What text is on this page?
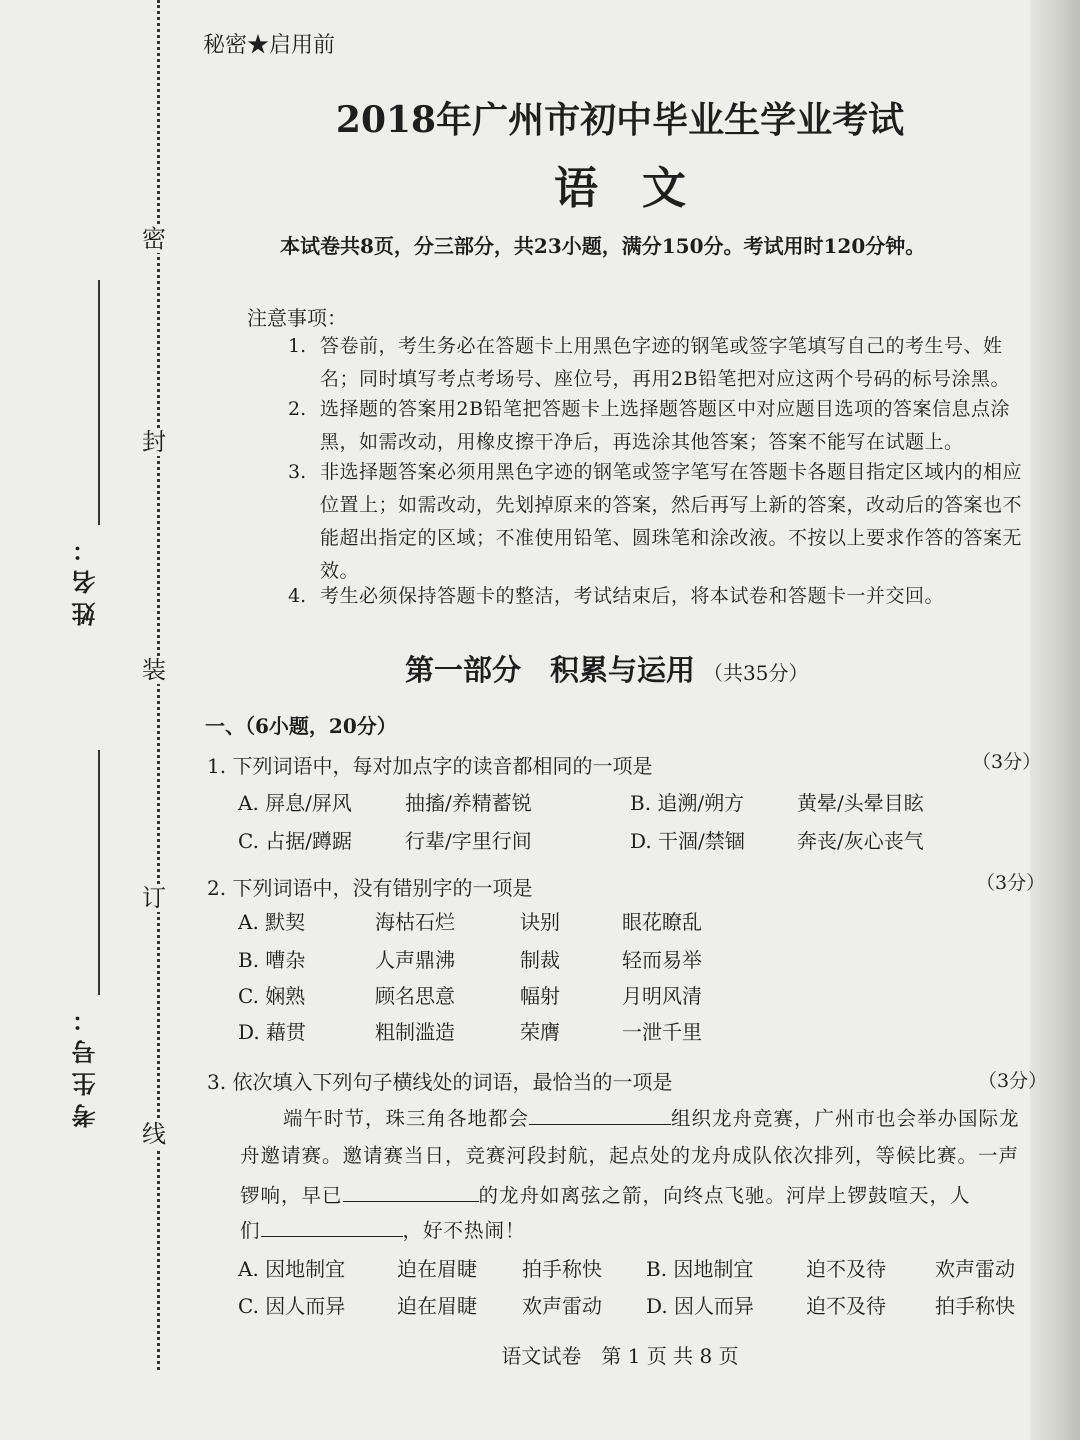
密
封
装
订
线
姓名：
考生号：
秘密★启用前
2018年广州市初中毕业生学业考试
语　文
本试卷共8页，分三部分，共23小题，满分150分。考试用时120分钟。
注意事项：
1. 答卷前，考生务必在答题卡上用黑色字迹的钢笔或签字笔填写自己的考生号、姓名；同时填写考点考场号、座位号，再用2B铅笔把对应这两个号码的标号涂黑。
2. 选择题的答案用2B铅笔把答题卡上选择题答题区中对应题目选项的答案信息点涂黑，如需改动，用橡皮擦干净后，再选涂其他答案；答案不能写在试题上。
3. 非选择题答案必须用黑色字迹的钢笔或签字笔写在答题卡各题目指定区域内的相应位置上；如需改动，先划掉原来的答案，然后再写上新的答案，改动后的答案也不能超出指定的区域；不准使用铅笔、圆珠笔和涂改液。不按以上要求作答的答案无效。
4. 考生必须保持答题卡的整洁，考试结束后，将本试卷和答题卡一并交回。
第一部分　积累与运用 （共35分）
一、（6小题，20分）
1. 下列词语中，每对加点字的读音都相同的一项是	（3分）
A. 屏息/屏风	抽搐/养精蓄锐	B. 追溯/朔方	黄晕/头晕目眩
C. 占据/蹲踞	行辈/字里行间	D. 干涸/禁锢	奔丧/灰心丧气
2. 下列词语中，没有错别字的一项是	（3分）
A. 默契	海枯石烂	诀别	眼花瞭乱
B. 嘈杂	人声鼎沸	制裁	轻而易举
C. 娴熟	顾名思意	幅射	月明风清
D. 藉贯	粗制滥造	荣膺	一泄千里
3. 依次填入下列句子横线处的词语，最恰当的一项是	（3分）
端午时节，珠三角各地都会	组织龙舟竞赛，广州市也会举办国际龙
舟邀请赛。邀请赛当日，竞赛河段封航，起点处的龙舟成队依次排列，等候比赛。一声
锣响，早已	的龙舟如离弦之箭，向终点飞驰。河岸上锣鼓喧天，人
们	，好不热闹！
A. 因地制宜	迫在眉睫 拍手称快 B. 因地制宜	迫不及待 欢声雷动
C. 因人而异	迫在眉睫 欢声雷动 D. 因人而异	迫不及待 拍手称快
语文试卷　第 1 页 共 8 页
